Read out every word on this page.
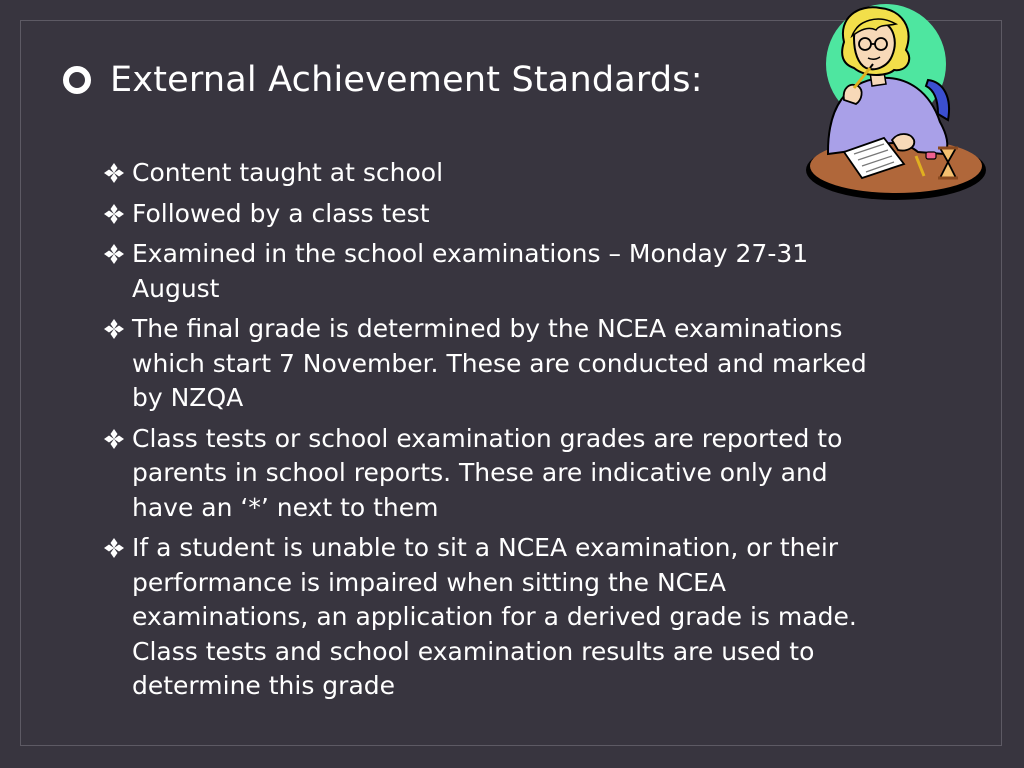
External Achievement Standards:
Content taught at school
Followed by a class test
Examined in the school examinations – Monday 27-31 August
The final grade is determined by the NCEA examinations which start 7 November. These are conducted and marked by NZQA
Class tests or school examination grades are reported to parents in school reports. These are indicative only and have an ‘*’ next to them
If a student is unable to sit a NCEA examination, or their performance is impaired when sitting the NCEA examinations, an application for a derived grade is made. Class tests and school examination results are used to determine this grade
